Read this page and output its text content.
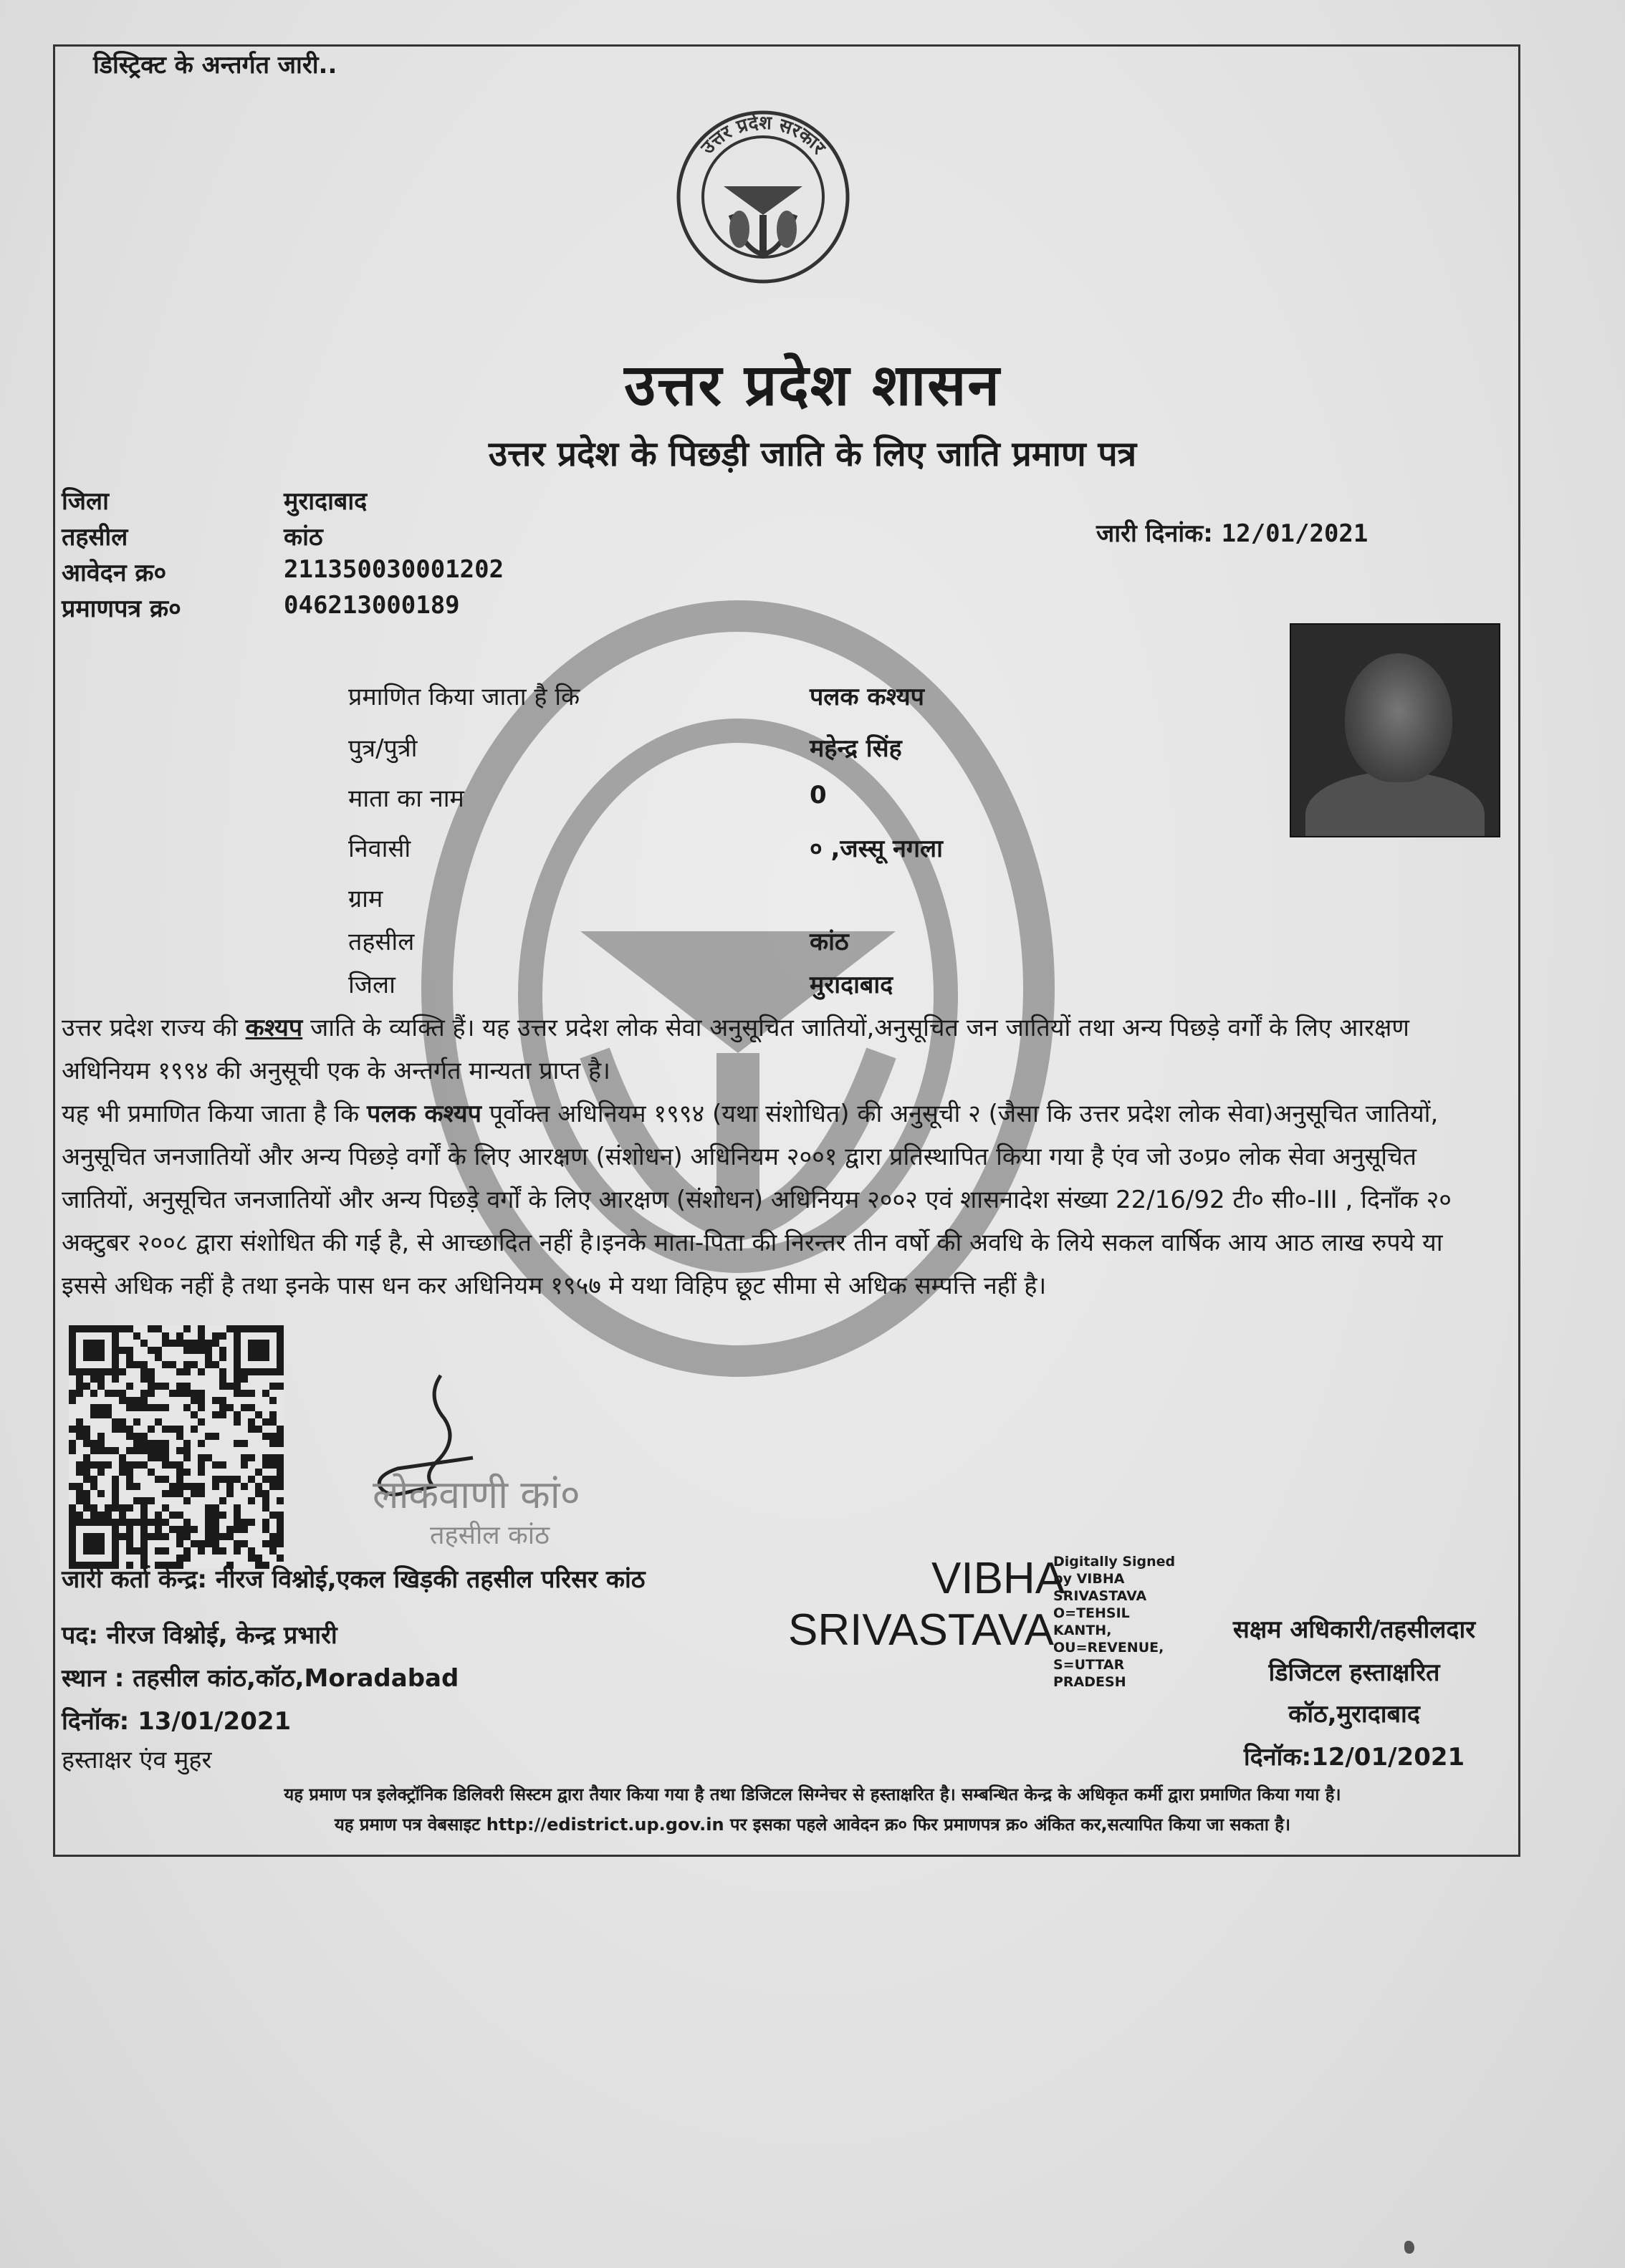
डिस्ट्रिक्ट के अन्तर्गत जारी..
उत्तर प्रदेश सरकार
उत्तर प्रदेश शासन
उत्तर प्रदेश के पिछड़ी जाति के लिए जाति प्रमाण पत्र
जिला	मुरादाबाद
तहसील	कांठ
आवेदन क्र०	211350030001202
प्रमाणपत्र क्र०	046213000189
जारी दिनांक: 12/01/2021
प्रमाणित किया जाता है कि	पलक कश्यप
पुत्र/पुत्री	महेन्द्र सिंह
माता का नाम	0
निवासी	० ,जस्सू नगला
ग्राम
तहसील	कांठ
जिला	मुरादाबाद
उत्तर प्रदेश राज्य की कश्यप जाति के व्यक्ति हैं। यह उत्तर प्रदेश लोक सेवा अनुसूचित जातियों,अनुसूचित जन जातियों तथा अन्य पिछड़े वर्गों के लिए आरक्षण अधिनियम १९९४ की अनुसूची एक के अन्तर्गत मान्यता प्राप्त है।
यह भी प्रमाणित किया जाता है कि पलक कश्यप पूर्वोक्त अधिनियम १९९४ (यथा संशोधित) की अनुसूची २ (जैसा कि उत्तर प्रदेश लोक सेवा)अनुसूचित जातियों, अनुसूचित जनजातियों और अन्य पिछड़े वर्गों के लिए आरक्षण (संशोधन) अधिनियम २००१ द्वारा प्रतिस्थापित किया गया है एंव जो उ०प्र० लोक सेवा अनुसूचित जातियों, अनुसूचित जनजातियों और अन्य पिछड़े वर्गों के लिए आरक्षण (संशोधन) अधिनियम २००२ एवं शासनादेश संख्या 22/16/92 टी० सी०-III , दिनाँक २० अक्टुबर २००८ द्वारा संशोधित की गई है, से आच्छादित नहीं है।इनके माता-पिता की निरन्तर तीन वर्षो की अवधि के लिये सकल वार्षिक आय आठ लाख रुपये या इससे अधिक नहीं है तथा इनके पास धन कर अधिनियम १९५७ मे यथा विहिप छूट सीमा से अधिक सम्पत्ति नहीं है।
लोकवाणी कां०
तहसील कांठ
जारी कर्ता केन्द्र: नीरज विश्नोई,एकल खिड़की तहसील परिसर कांठ
पद: नीरज विश्नोई, केन्द्र प्रभारी
स्थान : तहसील कांठ,कॉठ,Moradabad
दिनॉक: 13/01/2021
हस्ताक्षर एंव मुहर
VIBHA
SRIVASTAVA
Digitally Signed
by VIBHA
SRIVASTAVA
O=TEHSIL
KANTH,
OU=REVENUE,
S=UTTAR
PRADESH
सक्षम अधिकारी/तहसीलदार
डिजिटल हस्ताक्षरित
कॉठ,मुरादाबाद
दिनॉक:12/01/2021
यह प्रमाण पत्र इलेक्ट्रॉनिक डिलिवरी सिस्टम द्वारा तैयार किया गया है तथा डिजिटल सिग्नेचर से हस्ताक्षरित है। सम्बन्धित केन्द्र के अधिकृत कर्मी द्वारा प्रमाणित किया गया है।
यह प्रमाण पत्र वेबसाइट http://edistrict.up.gov.in पर इसका पहले आवेदन क्र० फिर प्रमाणपत्र क्र० अंकित कर,सत्यापित किया जा सकता है।
